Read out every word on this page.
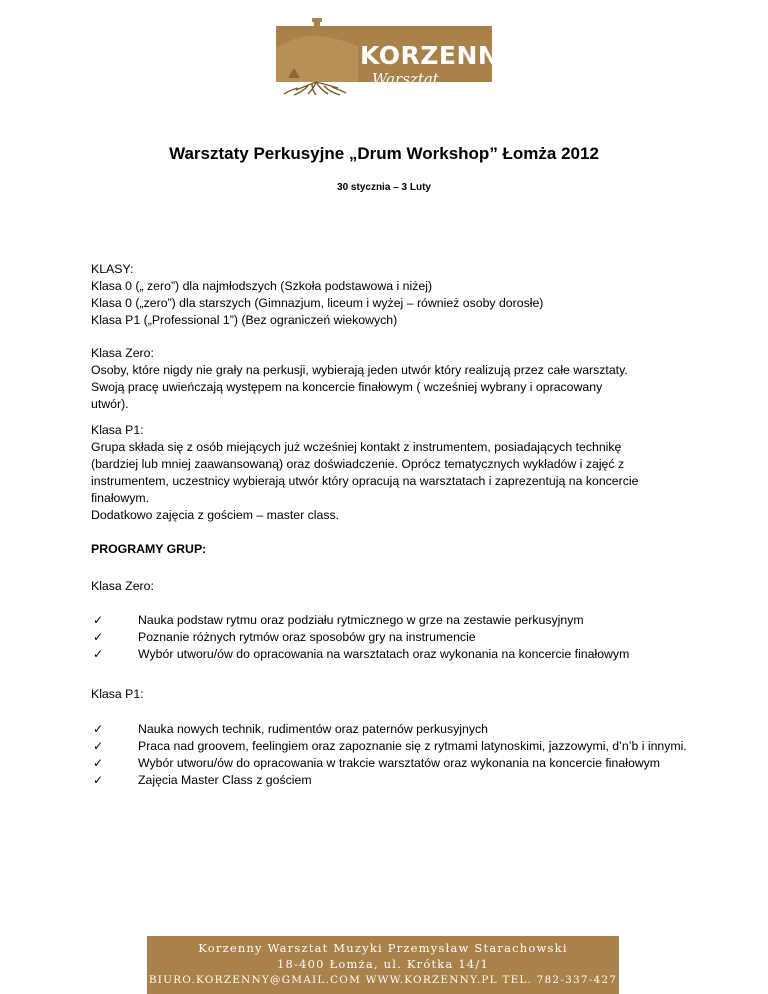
KORZENNY
Warsztat Muzyki
Warsztaty Perkusyjne „Drum Workshop” Łomża 2012
30 stycznia – 3 Luty

KLASY:

Klasa 0 („ zero”) dla najmłodszych (Szkoła podstawowa i niżej)

Klasa 0 („zero”) dla starszych (Gimnazjum, liceum i wyżej – również osoby dorosłe)

Klasa P1 („Professional 1”) (Bez ograniczeń wiekowych)

Klasa Zero:

Osoby, które nigdy nie grały na perkusji, wybierają jeden utwór który realizują przez całe warsztaty.

Swoją pracę uwieńczają występem na koncercie finałowym ( wcześniej wybrany i opracowany

utwór).

Klasa P1:

Grupa składa się z osób miejących już wcześniej kontakt z instrumentem, posiadających technikę

(bardziej lub mniej zaawansowaną) oraz doświadczenie. Oprócz tematycznych wykładów i zajęć z

instrumentem, uczestnicy wybierają utwór który opracują na warsztatach i zaprezentują na koncercie

finałowym.

Dodatkowo zajęcia z gościem – master class.

PROGRAMY GRUP:
Klasa Zero:
✓	Nauka podstaw rytmu oraz podziału rytmicznego w grze na zestawie perkusyjnym
✓	Poznanie różnych rytmów oraz sposobów gry na instrumencie
✓	Wybór utworu/ów do opracowania na warsztatach oraz wykonania na koncercie finałowym
Klasa P1:
✓	Nauka nowych technik, rudimentów oraz paternów perkusyjnych
✓	Praca nad groovem, feelingiem oraz zapoznanie się z rytmami latynoskimi, jazzowymi, d’n’b i innymi.
✓	Wybór utworu/ów do opracowania w trakcie warsztatów oraz wykonania na koncercie finałowym
✓	Zajęcia Master Class z gościem
Korzenny Warsztat Muzyki Przemysław Starachowski
18-400 Łomża, ul. Krótka 14/1
BIURO.KORZENNY@GMAIL.COM WWW.KORZENNY.PL TEL. 782-337-427
